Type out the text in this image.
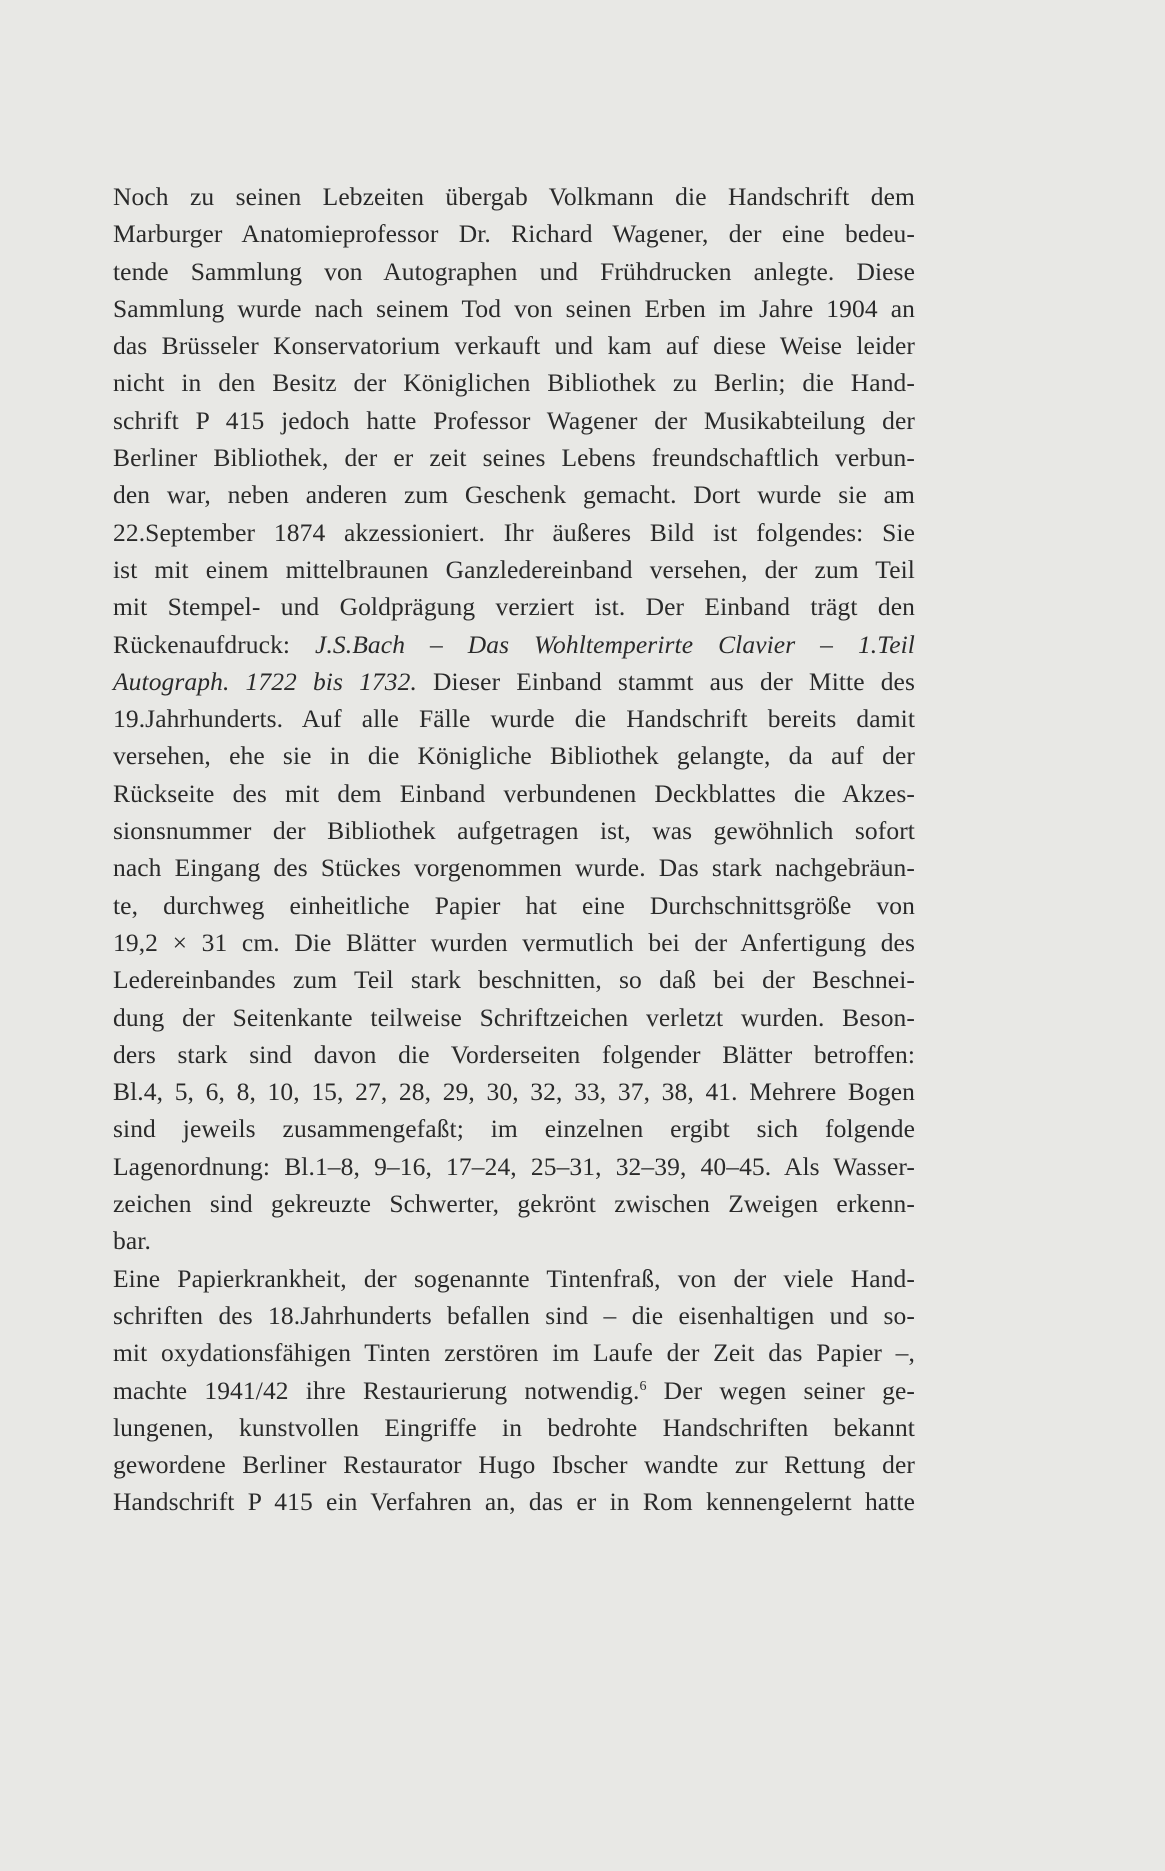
Noch zu seinen Lebzeiten übergab Volkmann die Handschrift dem
Marburger Anatomieprofessor Dr. Richard Wagener, der eine bedeu-
tende Sammlung von Autographen und Frühdrucken anlegte. Diese
Sammlung wurde nach seinem Tod von seinen Erben im Jahre 1904 an
das Brüsseler Konservatorium verkauft und kam auf diese Weise leider
nicht in den Besitz der Königlichen Bibliothek zu Berlin; die Hand-
schrift P 415 jedoch hatte Professor Wagener der Musikabteilung der
Berliner Bibliothek, der er zeit seines Lebens freundschaftlich verbun-
den war, neben anderen zum Geschenk gemacht. Dort wurde sie am
22.September 1874 akzessioniert. Ihr äußeres Bild ist folgendes: Sie
ist mit einem mittelbraunen Ganzledereinband versehen, der zum Teil
mit Stempel- und Goldprägung verziert ist. Der Einband trägt den
Rückenaufdruck: J.S.Bach – Das Wohltemperirte Clavier – 1.Teil
Autograph. 1722 bis 1732. Dieser Einband stammt aus der Mitte des
19.Jahrhunderts. Auf alle Fälle wurde die Handschrift bereits damit
versehen, ehe sie in die Königliche Bibliothek gelangte, da auf der
Rückseite des mit dem Einband verbundenen Deckblattes die Akzes-
sionsnummer der Bibliothek aufgetragen ist, was gewöhnlich sofort
nach Eingang des Stückes vorgenommen wurde. Das stark nachgebräun-
te, durchweg einheitliche Papier hat eine Durchschnittsgröße von
19,2 × 31 cm. Die Blätter wurden vermutlich bei der Anfertigung des
Ledereinbandes zum Teil stark beschnitten, so daß bei der Beschnei-
dung der Seitenkante teilweise Schriftzeichen verletzt wurden. Beson-
ders stark sind davon die Vorderseiten folgender Blätter betroffen:
Bl.4, 5, 6, 8, 10, 15, 27, 28, 29, 30, 32, 33, 37, 38, 41. Mehrere Bogen
sind jeweils zusammengefaßt; im einzelnen ergibt sich folgende
Lagenordnung: Bl.1–8, 9–16, 17–24, 25–31, 32–39, 40–45. Als Wasser-
zeichen sind gekreuzte Schwerter, gekrönt zwischen Zweigen erkenn-
bar.
Eine Papierkrankheit, der sogenannte Tintenfraß, von der viele Hand-
schriften des 18.Jahrhunderts befallen sind – die eisenhaltigen und so-
mit oxydationsfähigen Tinten zerstören im Laufe der Zeit das Papier –,
machte 1941/42 ihre Restaurierung notwendig.$^6$ Der wegen seiner ge-
lungenen, kunstvollen Eingriffe in bedrohte Handschriften bekannt
gewordene Berliner Restaurator Hugo Ibscher wandte zur Rettung der
Handschrift P 415 ein Verfahren an, das er in Rom kennengelernt hatte
